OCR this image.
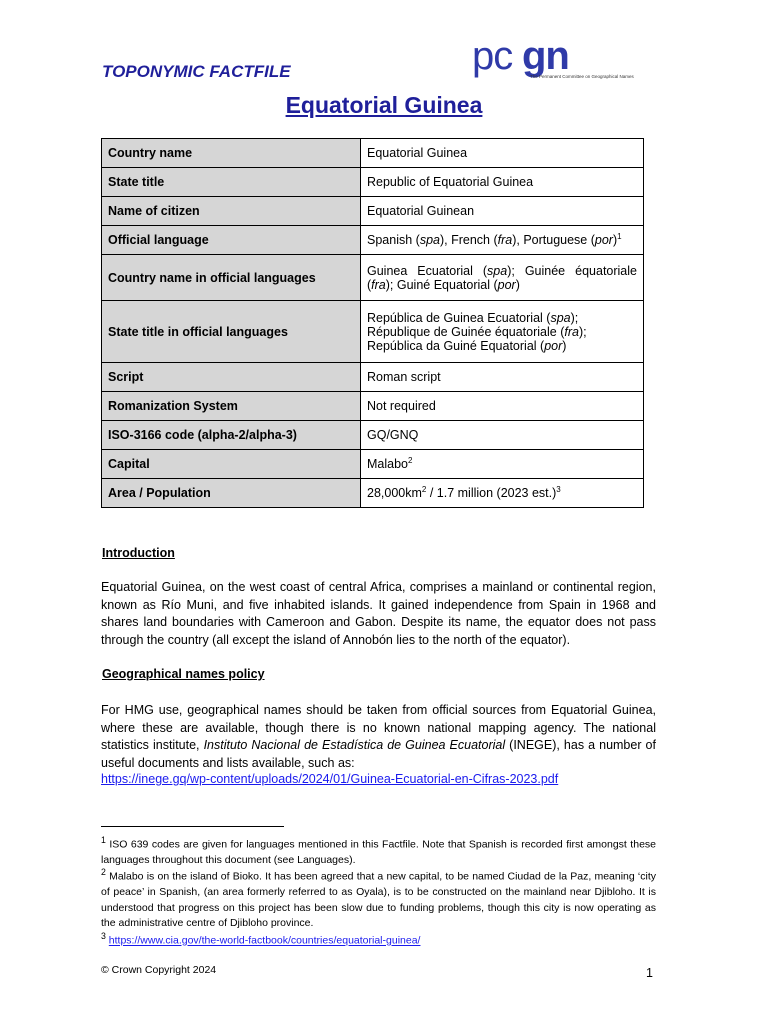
TOPONYMIC FACTFILE	pc gn
The Permanent Committee on Geographical Names
Equatorial Guinea
Country name	Equatorial Guinea
State title	Republic of Equatorial Guinea
Name of citizen	Equatorial Guinean
Official language	Spanish (spa), French (fra), Portuguese (por)$^1$
Country name in official languages	Guinea Ecuatorial (spa); Guinée équatoriale (fra); Guiné Equatorial (por)
State title in official languages	República de Guinea Ecuatorial (spa);
République de Guinée équatoriale (fra);
República da Guiné Equatorial (por)
Script	Roman script
Romanization System	Not required
ISO-3166 code (alpha-2/alpha-3)	GQ/GNQ
Capital	Malabo$^2$
Area / Population	$28,000km^2 / 1.7$ million (2023 est.)$^3$
Introduction
Equatorial Guinea, on the west coast of central Africa, comprises a mainland or continental region, known as Río Muni, and five inhabited islands. It gained independence from Spain in 1968 and shares land boundaries with Cameroon and Gabon. Despite its name, the equator does not pass through the country (all except the island of Annobón lies to the north of the equator).
Geographical names policy
For HMG use, geographical names should be taken from official sources from Equatorial Guinea, where these are available, though there is no known national mapping agency. The national statistics institute, Instituto Nacional de Estadística de Guinea Ecuatorial (INEGE), has a number of useful documents and lists available, such as:
https://inege.gq/wp-content/uploads/2024/01/Guinea-Ecuatorial-en-Cifras-2023.pdf
$^1$ ISO 639 codes are given for languages mentioned in this Factfile. Note that Spanish is recorded first amongst these languages throughout this document (see Languages).
$^2$ Malabo is on the island of Bioko. It has been agreed that a new capital, to be named Ciudad de la Paz, meaning ‘city of peace’ in Spanish, (an area formerly referred to as Oyala), is to be constructed on the mainland near Djibloho. It is understood that progress on this project has been slow due to funding problems, though this city is now operating as the administrative centre of Djibloho province.
$^3$ https://www.cia.gov/the-world-factbook/countries/equatorial-guinea/
© Crown Copyright 2024	1
